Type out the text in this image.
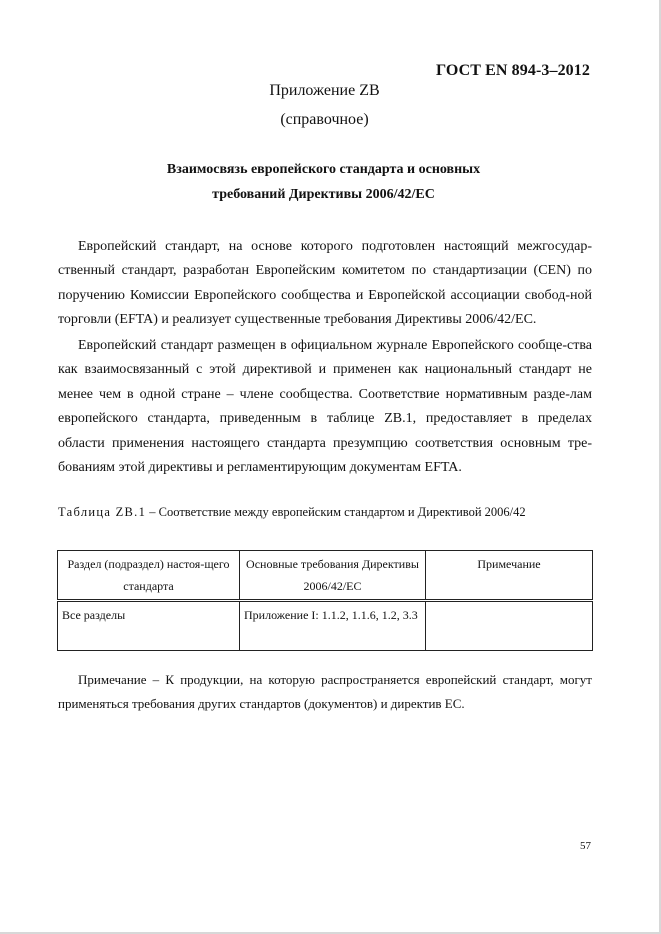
ГОСТ EN 894-3–2012
Приложение ZB
(справочное)
Взаимосвязь европейского стандарта и основных
требований Директивы 2006/42/ЕС

Европейский стандарт, на основе которого подготовлен настоящий межгосудар-ственный стандарт, разработан Европейским комитетом по стандартизации (CEN) по поручению Комиссии Европейского сообщества и Европейской ассоциации свобод-ной торговли (EFTA) и реализует существенные требования Директивы 2006/42/ЕС.

Европейский стандарт размещен в официальном журнале Европейского сообще-ства как взаимосвязанный с этой директивой и применен как национальный стандарт не менее чем в одной стране – члене сообщества. Соответствие нормативным разде-лам европейского стандарта, приведенным в таблице ZB.1, предоставляет в пределах области применения настоящего стандарта презумпцию соответствия основным тре-бованиям этой директивы и регламентирующим документам EFTA.

Таблица ZB.1 – Соответствие между европейским стандартом и Директивой 2006/42
Раздел (подраздел) настоя-щего стандарта	Основные требования Директивы 2006/42/ЕС	Примечание
Все разделы	Приложение I: 1.1.2, 1.1.6, 1.2, 3.3	

Примечание – К продукции, на которую распространяется европейский стандарт, могут применяться требования других стандартов (документов) и директив ЕС.

57
